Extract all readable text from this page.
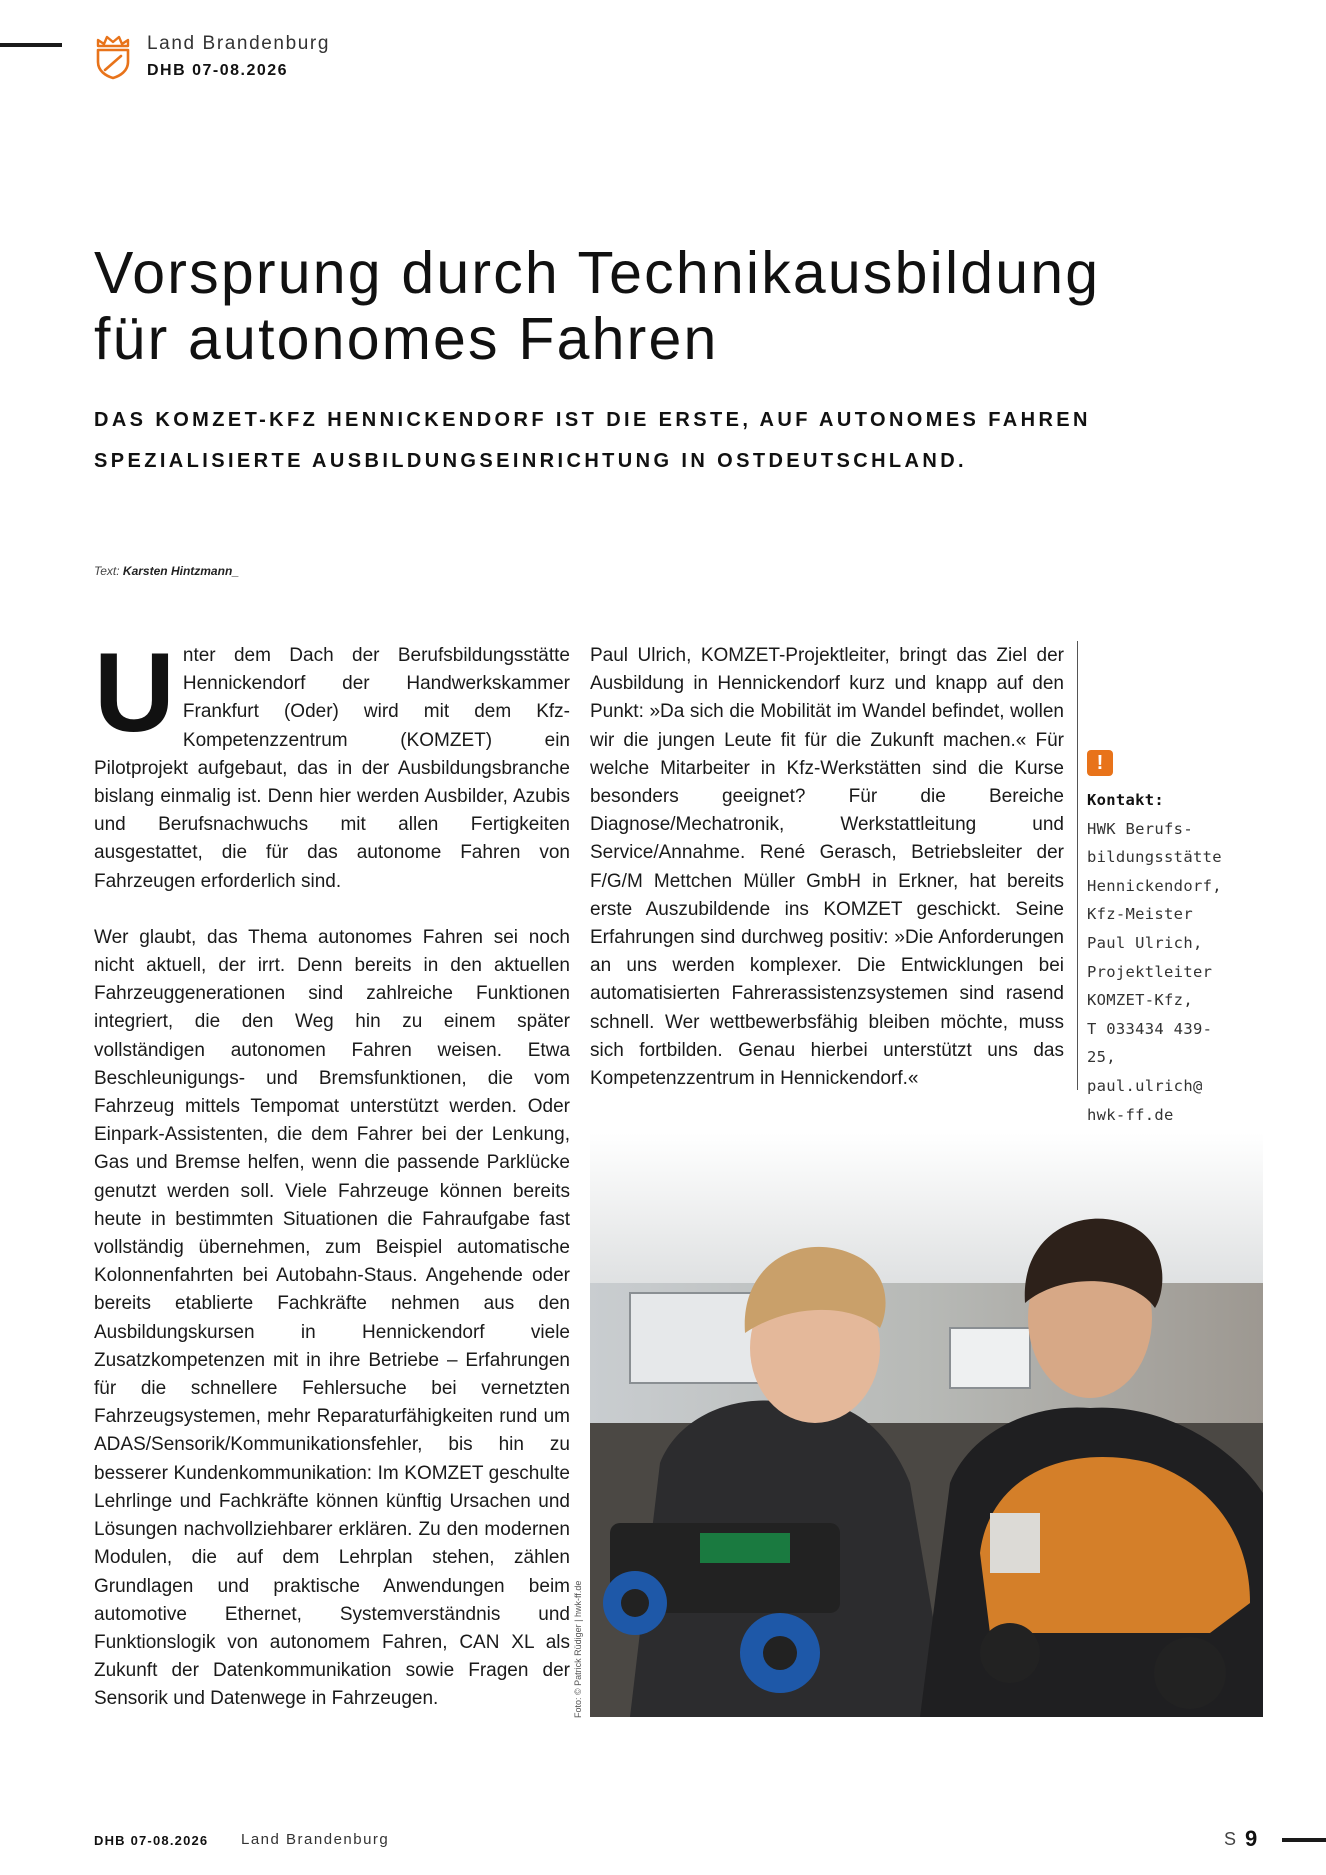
Land Brandenburg
DHB 07-08.2026
Vorsprung durch Technikausbildung
für autonomes Fahren
DAS KOMZET-KFZ HENNICKENDORF IST DIE ERSTE, AUF AUTONOMES FAHREN
SPEZIALISIERTE AUSBILDUNGSEINRICHTUNG IN OSTDEUTSCHLAND.
Text: Karsten Hintzmann_
U nter dem Dach der Berufsbildungsstätte Hennickendorf der Handwerkskammer Frankfurt (Oder) wird mit dem Kfz-Kompetenzzentrum (KOMZET) ein Pilotprojekt aufgebaut, das in der Ausbildungsbranche bislang einmalig ist. Denn hier werden Ausbilder, Azubis und Berufsnachwuchs mit allen Fertigkeiten ausgestattet, die für das autonome Fahren von Fahrzeugen erforderlich sind.

Wer glaubt, das Thema autonomes Fahren sei noch nicht aktuell, der irrt. Denn bereits in den aktuellen Fahrzeuggenerationen sind zahlreiche Funktionen integriert, die den Weg hin zu einem später vollständigen autonomen Fahren weisen. Etwa Beschleunigungs- und Bremsfunktionen, die vom Fahrzeug mittels Tempomat unterstützt werden. Oder Einpark-Assistenten, die dem Fahrer bei der Lenkung, Gas und Bremse helfen, wenn die passende Parklücke genutzt werden soll. Viele Fahrzeuge können bereits heute in bestimmten Situationen die Fahraufgabe fast vollständig übernehmen, zum Beispiel automatische Kolonnenfahrten bei Autobahn-Staus. Angehende oder bereits etablierte Fachkräfte nehmen aus den Ausbildungskursen in Hennickendorf viele Zusatzkompetenzen mit in ihre Betriebe – Erfahrungen für die schnellere Fehlersuche bei vernetzten Fahrzeugsystemen, mehr Reparaturfähigkeiten rund um ADAS/Sensorik/Kommunikationsfehler, bis hin zu besserer Kundenkommunikation: Im KOMZET geschulte Lehrlinge und Fachkräfte können künftig Ursachen und Lösungen nachvollziehbarer erklären. Zu den modernen Modulen, die auf dem Lehrplan stehen, zählen Grundlagen und praktische Anwendungen beim automotive Ethernet, Systemverständnis und Funktionslogik von autonomem Fahren, CAN XL als Zukunft der Datenkommunikation sowie Fragen der Sensorik und Datenwege in Fahrzeugen.

Paul Ulrich, KOMZET-Projektleiter, bringt das Ziel der Ausbildung in Hennickendorf kurz und knapp auf den Punkt: »Da sich die Mobilität im Wandel befindet, wollen wir die jungen Leute fit für die Zukunft machen.« Für welche Mitarbeiter in Kfz-Werkstätten sind die Kurse besonders geeignet? Für die Bereiche Diagnose/Mechatronik, Werkstattleitung und Service/Annahme. René Gerasch, Betriebsleiter der F/G/M Mettchen Müller GmbH in Erkner, hat bereits erste Auszubildende ins KOMZET geschickt. Seine Erfahrungen sind durchweg positiv: »Die Anforderungen an uns werden komplexer. Die Entwicklungen bei automatisierten Fahrerassistenzsystemen sind rasend schnell. Wer wettbewerbsfähig bleiben möchte, muss sich fortbilden. Genau hierbei unterstützt uns das Kompetenzzentrum in Hennickendorf.«

!
Kontakt:
HWK Berufs-
bildungsstätte
Hennickendorf,
Kfz-Meister
Paul Ulrich,
Projektleiter
KOMZET-Kfz,
T 033434 439-25,
paul.ulrich@
hwk-ff.de
Foto: © Patrick Rüdiger | hwk-ff.de
DHB 07-08.2026 Land Brandenburg	S 9
